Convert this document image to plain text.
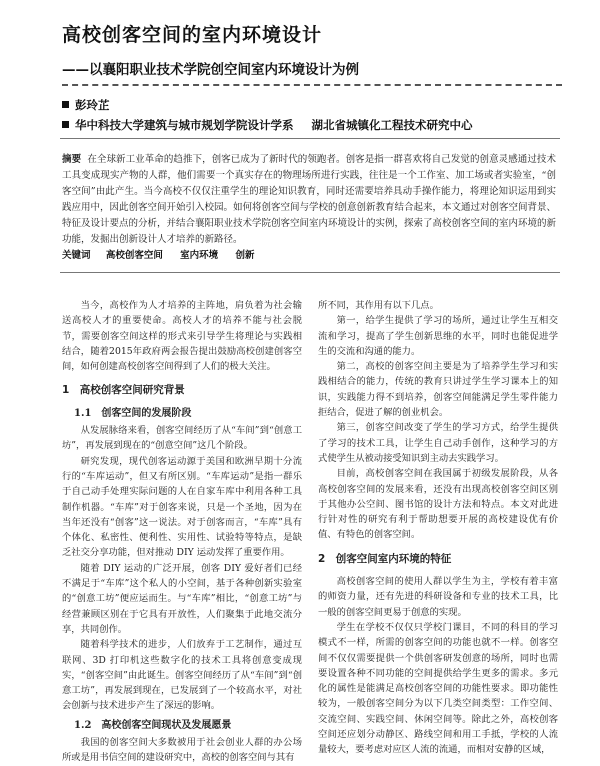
高校创客空间的室内环境设计
——以襄阳职业技术学院创空间室内环境设计为例
彭玲芷
华中科技大学建筑与城市规划学院设计学系 湖北省城镇化工程技术研究中心
摘要 在全球新工业革命的趋推下，创客已成为了新时代的领跑者。创客是指一群喜欢将自己发觉的创意灵感通过技术工具变成现实产物的人群，他们需要一个真实存在的物理场所进行实践，往往是一个工作室、加工场或者实验室，“创客空间”由此产生。当今高校不仅仅注重学生的理论知识教育，同时还需要培养具动手操作能力，将理论知识运用到实践应用中，因此创客空间开始引入校园。如何将创客空间与学校的创意创新教育结合起来，本文通过对创客空间背景、特征及设计要点的分析，并结合襄阳职业技术学院创客空间室内环境设计的实例，探索了高校创客空间的室内环境的新功能，发掘出创新设计人才培养的新路径。
关键词 高校创客空间 室内环境 创新

当今，高校作为人才培养的主阵地，肩负着为社会输送高校人才的重要使命。高校人才的培养不能与社会脱节，需要创客空间这样的形式来引导学生将理论与实践相结合，随着2015年政府两会报告提出鼓励高校创建创客空间，如何创建高校创客空间得到了人们的极大关注。

1　高校创客空间研究背景
1.1　创客空间的发展阶段

从发展脉络来看，创客空间经历了从“车间”到“创意工坊”，再发展到现在的“创意空间”这几个阶段。

研究发现，现代创客运动源于美国和欧洲早期十分流行的“车库运动”，但又有所区别。“车库运动”是指一群乐于自己动手处理实际问题的人在自家车库中利用各种工具制作机器。“车库”对于创客来说，只是一个圣地，因为在当年还没有“创客”这一说法。对于创客而言，“车库”具有个体化、私密性、便利性、实用性、试验特等特点，是缺乏社交分享功能，但对推动 DIY 运动发挥了重要作用。

随着 DIY 运动的广泛开展，创客 DIY 爱好者们已经不满足于“车库”这个私人的小空间，基于各种创新实验室的“创意工坊”便应运而生。与“车库”相比，“创意工坊”与经营兼顾区别在于它具有开放性，人们聚集于此地交流分享，共同创作。

随着科学技术的进步，人们放弃于工艺制作，通过互联网、3D 打印机这些数字化的技术工具将创意变成现实，“创客空间”由此诞生。创客空间经历了从“车间”到“创意工坊”，再发展到现在，已发展到了一个较高水平，对社会创新与技术进步产生了深远的影响。

1.2　高校创客空间现状及发展愿景

我国的创客空间大多数被用于社会创业人群的办公场所或是用书信空间的建设研究中，高校的创客空间与其有

所不同，其作用有以下几点。

第一，给学生提供了学习的场所，通过让学生互相交流和学习，提高了学生创新思维的水平，同时也能促进学生的交流和沟通的能力。

第二，高校的创客空间主要是为了培养学生学习和实践相结合的能力，传统的教育只讲过学生学习课本上的知识，实践能力得不到培养，创客空间能满足学生零件能力拒结合，促进了解的创业机会。

第三，创客空间改变了学生的学习方式，给学生提供了学习的技术工具，让学生自己动手创作，这种学习的方式使学生从被动接受知识到主动去实践学习。

目前，高校创客空间在我国属于初级发展阶段，从各高校创客空间的发展来看，还没有出现高校创客空间区别于其他办公空间、图书馆的设计方法和特点。本文对此进行针对性的研究有利于帮助想要开展的高校建设优有价值、有特色的创客空间。

2　创客空间室内环境的特征

高校创客空间的使用人群以学生为主，学校有着丰富的师资力量，还有先进的科研设备和专业的技术工具，比一般的创客空间更易于创意的实现。

学生在学校不仅仅只学校门课目，不同的科目的学习模式不一样，所需的创客空间的功能也就不一样。创客空间不仅仅需要提供一个供创客研发创意的场所，同时也需要设置各种不同功能的空间提供给学生更多的需求。多元化的属性是能满足高校创客空间的功能性要求。即功能性较为，一般创客空间分为以下几类空间类型：工作空间、交流空间、实践空间、休闲空间等。除此之外，高校创客空间还应划分动静区、路线空间和用工手抵，学校的人流量较大，要考虑对应区人流的流通，而相对安静的区域，
